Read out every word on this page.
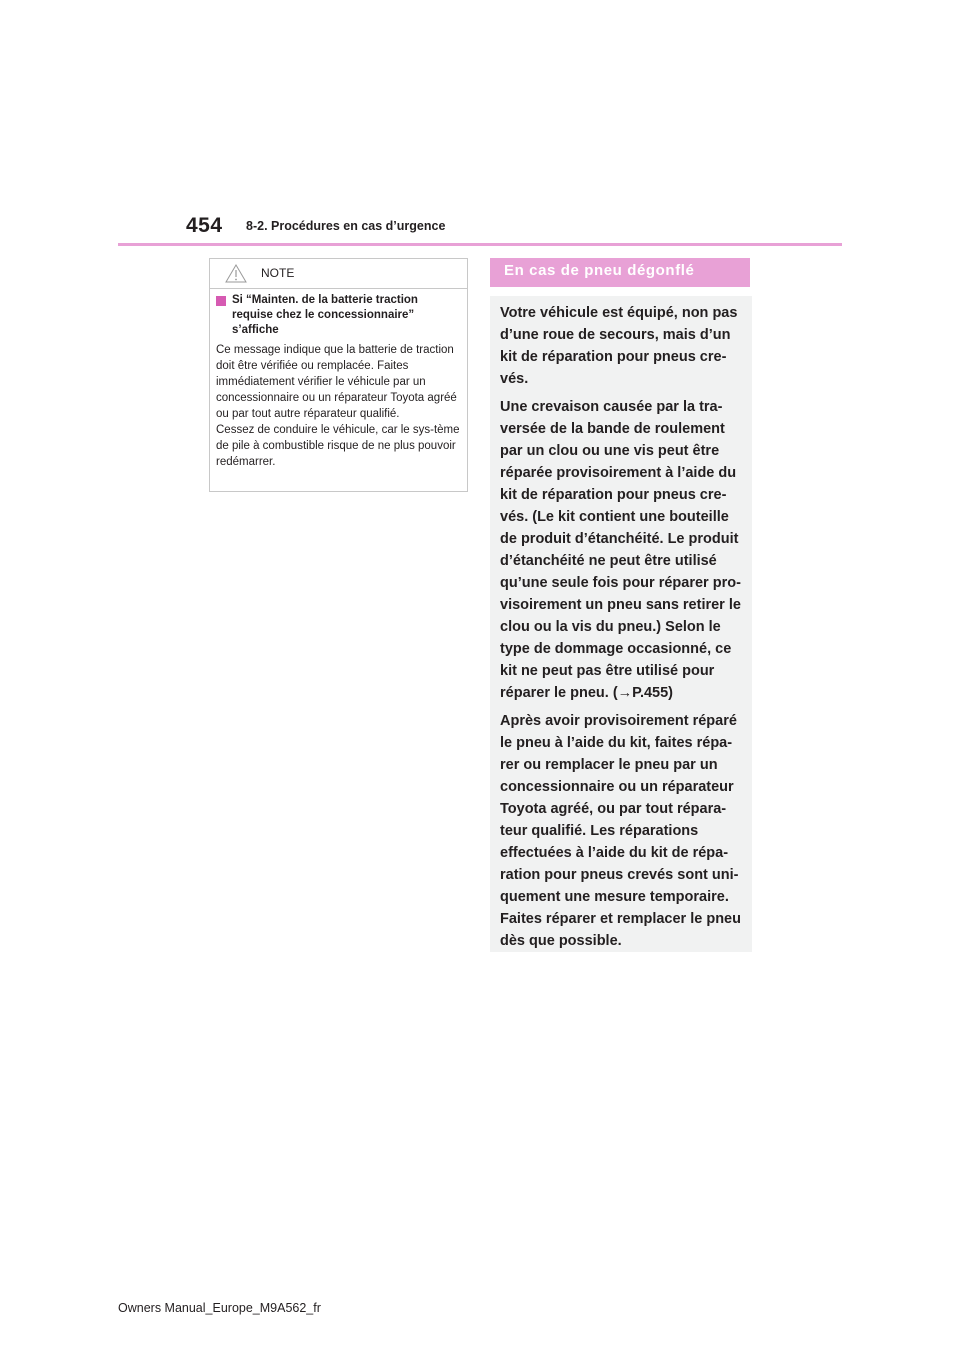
454 8-2. Procédures en cas d’urgence
NOTE
Si “Mainten. de la batterie traction requise chez le concessionnaire” s’affiche
Ce message indique que la batterie de traction doit être vérifiée ou remplacée. Faites immédiatement vérifier le véhicule par un concessionnaire ou un réparateur Toyota agréé ou par tout autre réparateur qualifié.
Cessez de conduire le véhicule, car le sys-tème de pile à combustible risque de ne plus pouvoir redémarrer.
En cas de pneu dégonflé

Votre véhicule est équipé, non pas d’une roue de secours, mais d’un kit de réparation pour pneus cre-vés.

Une crevaison causée par la tra-versée de la bande de roulement par un clou ou une vis peut être réparée provisoirement à l’aide du kit de réparation pour pneus cre-vés. (Le kit contient une bouteille de produit d’étanchéité. Le produit d’étanchéité ne peut être utilisé qu’une seule fois pour réparer pro-visoirement un pneu sans retirer le clou ou la vis du pneu.) Selon le type de dommage occasionné, ce kit ne peut pas être utilisé pour réparer le pneu. (→P.455)

Après avoir provisoirement réparé le pneu à l’aide du kit, faites répa-rer ou remplacer le pneu par un concessionnaire ou un réparateur Toyota agréé, ou par tout répara-teur qualifié. Les réparations effectuées à l’aide du kit de répa-ration pour pneus crevés sont uni-quement une mesure temporaire. Faites réparer et remplacer le pneu dès que possible.

Owners Manual_Europe_M9A562_fr
